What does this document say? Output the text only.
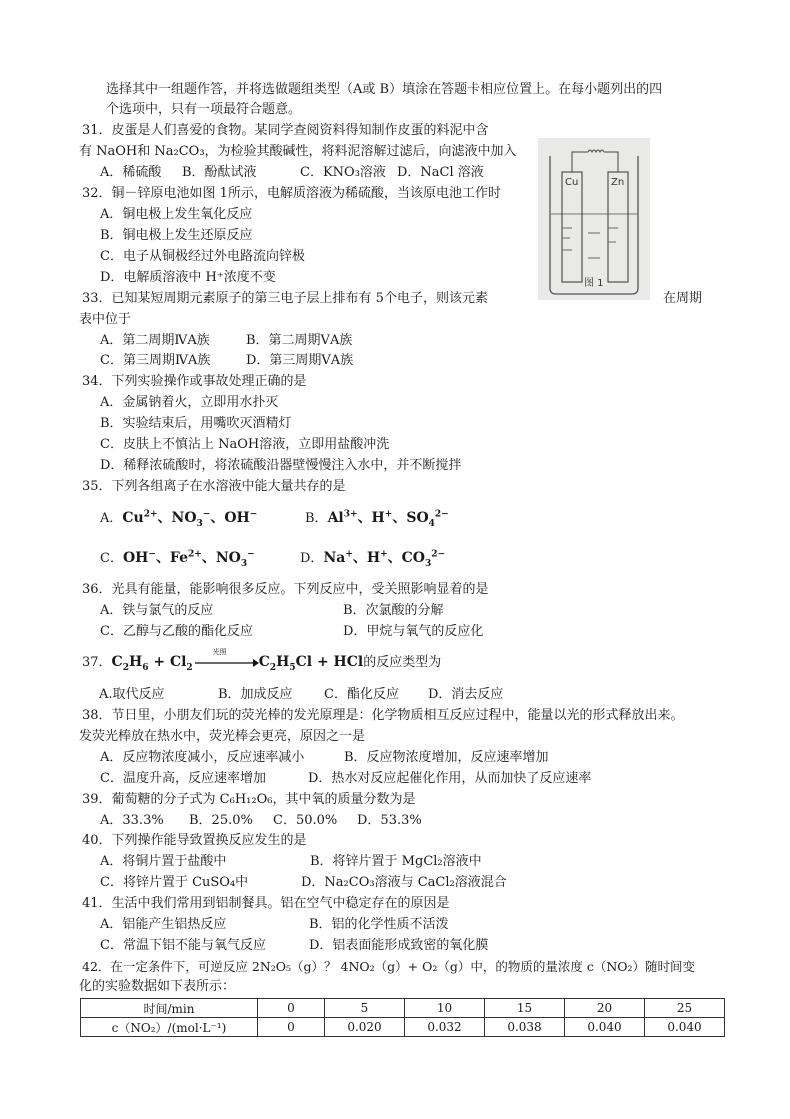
选择其中一组题作答，并将选做题组类型（A或 B）填涂在答题卡相应位置上。在每小题列出的四
个选项中，只有一项最符合题意。
31．皮蛋是人们喜爱的食物。某同学查阅资料得知制作皮蛋的料泥中含
有 NaOH和 Na₂CO₃，为检验其酸碱性，将料泥溶解过滤后，向滤液中加入
A．稀硫酸 B．酚酞试液	C．KNO₃溶液 D．NaCl 溶液
32．铜－锌原电池如图 1所示，电解质溶液为稀硫酸，当该原电池工作时
A．铜电极上发生氧化反应
B．铜电极上发生还原反应
C．电子从铜极经过外电路流向锌极
D．电解质溶液中 H⁺浓度不变
Cu	Zn
图 1
33．已知某短周期元素原子的第三电子层上排布有 5个电子，则该元素	在周期
表中位于
A．第二周期ⅣA族	B．第二周期ⅤA族
C．第三周期ⅣA族	D．第三周期ⅤA族
34．下列实验操作或事故处理正确的是
A．金属钠着火，立即用水扑灭
B．实验结束后，用嘴吹灭酒精灯
C．皮肤上不慎沾上 NaOH溶液，立即用盐酸冲洗
D．稀释浓硫酸时，将浓硫酸沿器壁慢慢注入水中，并不断搅拌
35．下列各组离子在水溶液中能大量共存的是
A．$Cu^{2+}$、$NO_3^-$、OH−	B．$Al^{3+}$、H+、$SO_4^{2-}$
C．OH−、$Fe^{2+}$、$NO_3^-$	D．Na+、H+、$CO_3^{2-}$
36．光具有能量，能影响很多反应。下列反应中，受关照影响显着的是
A．铁与氯气的反应	B．次氯酸的分解
C．乙醇与乙酸的酯化反应	D．甲烷与氧气的反应化
37．$C_2H_6 + Cl_2$
光照
$C_2H_5Cl$ + HCl的反应类型为
A.取代反应	B．加成反应 C．酯化反应 D．消去反应
38．节日里，小朋友们玩的荧光棒的发光原理是：化学物质相互反应过程中，能量以光的形式释放出来。
发荧光棒放在热水中，荧光棒会更亮，原因之一是
A．反应物浓度减小，反应速率减小	B．反应物浓度增加，反应速率增加
C．温度升高，反应速率增加	D．热水对反应起催化作用，从而加快了反应速率
39．葡萄糖的分子式为 C₆H₁₂O₆，其中氧的质量分数为是
A．33.3% B．25.0% C．50.0% D．53.3%
40．下列操作能导致置换反应发生的是
A．将铜片置于盐酸中	B．将锌片置于 MgCl₂溶液中
C．将锌片置于 CuSO₄中	D．Na₂CO₃溶液与 CaCl₂溶液混合
41．生活中我们常用到铝制餐具。铝在空气中稳定存在的原因是
A．铝能产生铝热反应	B．铝的化学性质不活泼
C．常温下铝不能与氧气反应	D．铝表面能形成致密的氧化膜
42．在一定条件下，可逆反应 2N₂O₅（g）？ 4NO₂（g）+ O₂（g）中，的物质的量浓度 c（NO₂）随时间变
化的实验数据如下表所示：
时间/min	0	5	10	15	20	25
c（NO₂）/(mol·L⁻¹)	0	0.020	0.032	0.038	0.040	0.040
